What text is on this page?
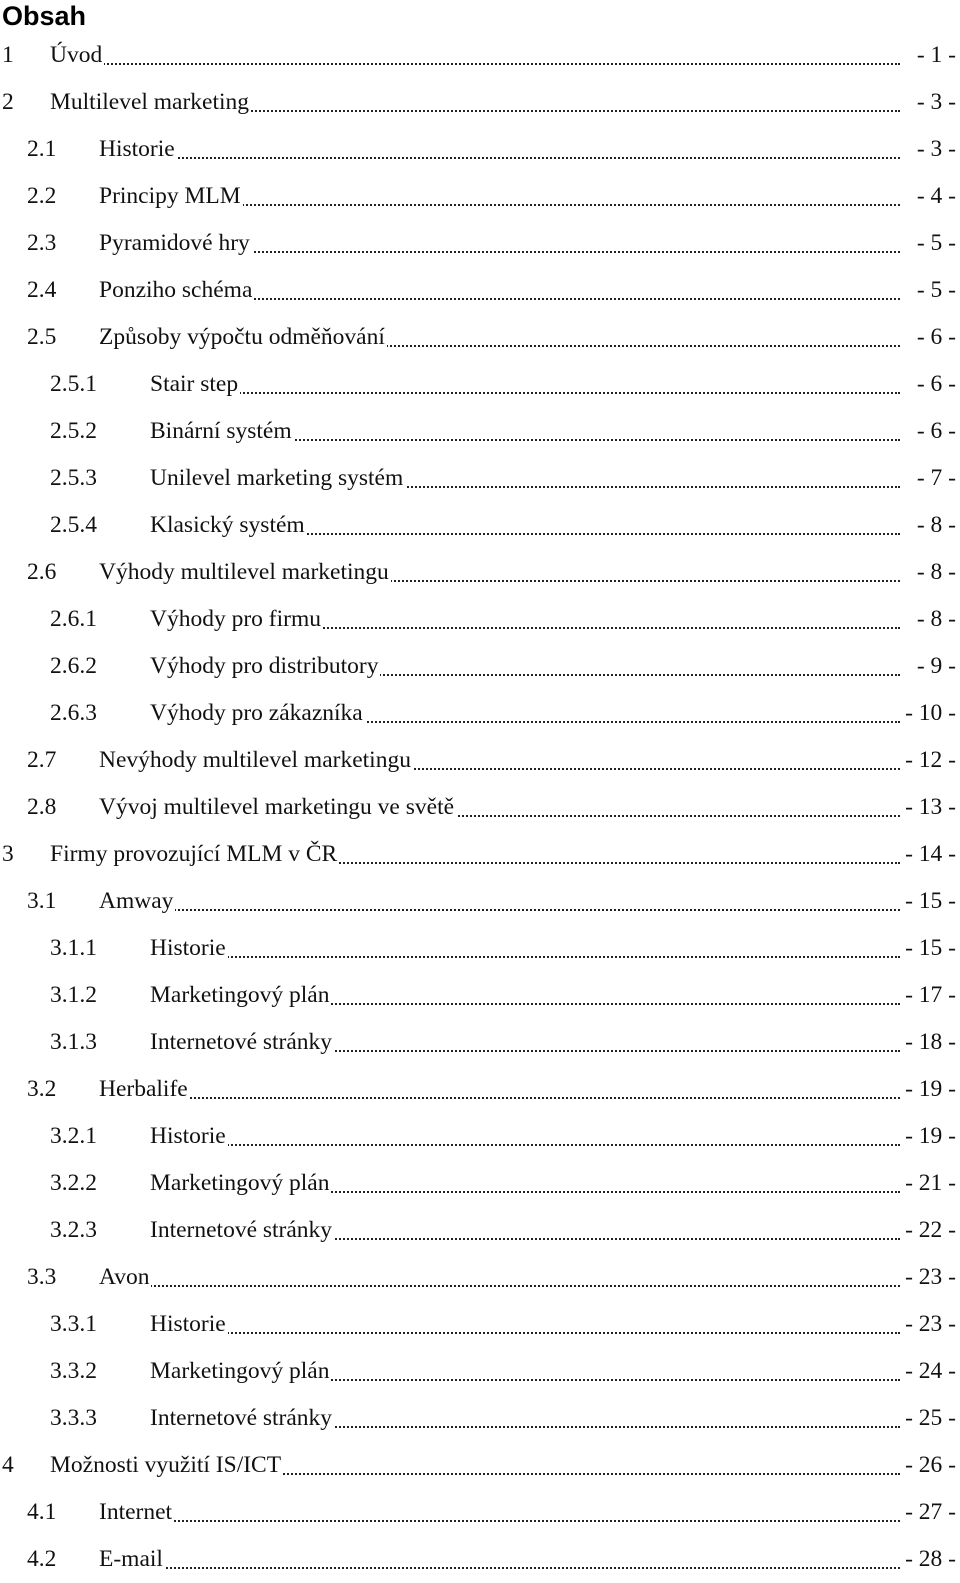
Obsah
1 Úvod	- 1 -
2 Multilevel marketing	- 3 -
2.1 Historie	- 3 -
2.2 Principy MLM	- 4 -
2.3 Pyramidové hry	- 5 -
2.4 Ponziho schéma	- 5 -
2.5 Způsoby výpočtu odměňování	- 6 -
2.5.1 Stair step	- 6 -
2.5.2 Binární systém	- 6 -
2.5.3 Unilevel marketing systém	- 7 -
2.5.4 Klasický systém	- 8 -
2.6 Výhody multilevel marketingu	- 8 -
2.6.1 Výhody pro firmu	- 8 -
2.6.2 Výhody pro distributory	- 9 -
2.6.3 Výhody pro zákazníka	- 10 -
2.7 Nevýhody multilevel marketingu	- 12 -
2.8 Vývoj multilevel marketingu ve světě	- 13 -
3 Firmy provozující MLM v ČR	- 14 -
3.1 Amway	- 15 -
3.1.1 Historie	- 15 -
3.1.2 Marketingový plán	- 17 -
3.1.3 Internetové stránky	- 18 -
3.2 Herbalife	- 19 -
3.2.1 Historie	- 19 -
3.2.2 Marketingový plán	- 21 -
3.2.3 Internetové stránky	- 22 -
3.3 Avon	- 23 -
3.3.1 Historie	- 23 -
3.3.2 Marketingový plán	- 24 -
3.3.3 Internetové stránky	- 25 -
4 Možnosti využití IS/ICT	- 26 -
4.1 Internet	- 27 -
4.2 E-mail	- 28 -
